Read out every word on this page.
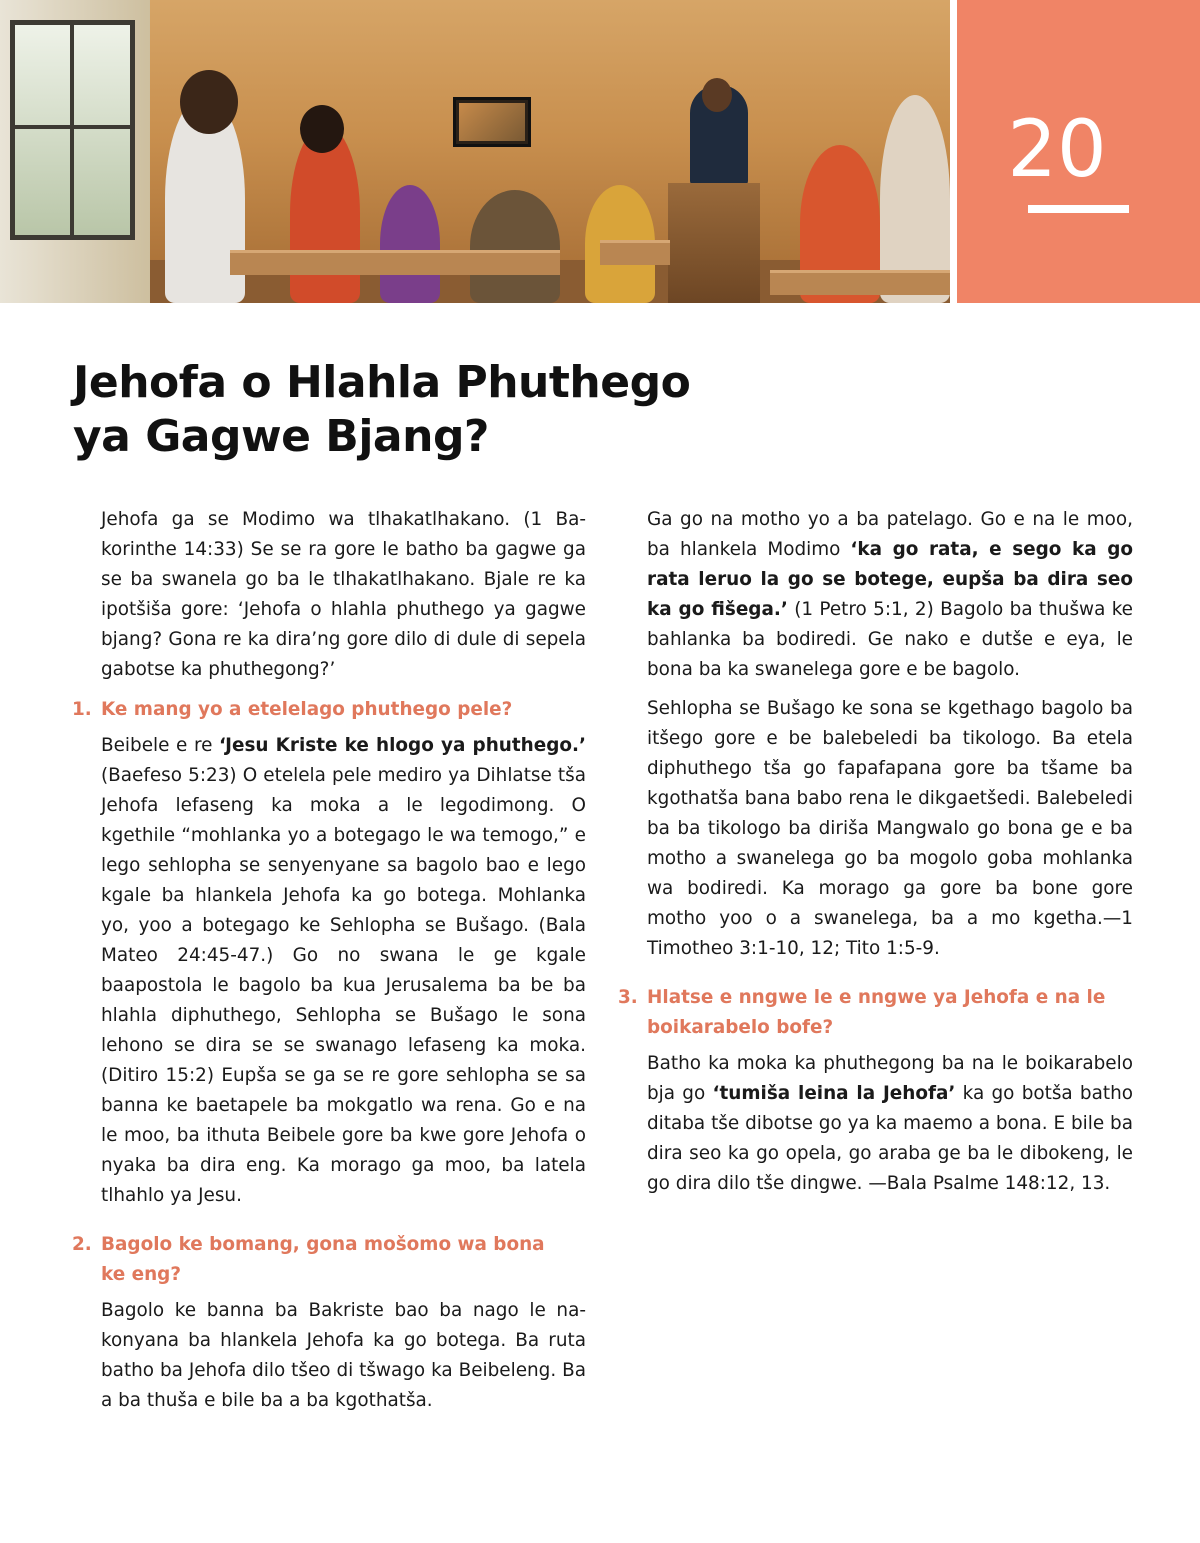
20
Jehofa o Hlahla Phuthego
ya Gagwe Bjang?

Jehofa ga se Modimo wa tlhakatlhakano. (1 Bakorinthe 14:33) Se se ra gore le batho ba gagwe ga se ba swanela go ba le tlhakatlhakano. Bjale re ka ipotšiša gore: ‘Jehofa o hlahla phuthego ya gagwe bjang? Gona re ka dira’ng gore dilo di dule di sepela gabotse ka phuthegong?’

1. Ke mang yo a etelelago phuthego pele?

Beibele e re ‘Jesu Kriste ke hlogo ya phuthego.’ (Baefeso 5:23) O etelela pele mediro ya Dihlatse tša Jehofa lefaseng ka moka a le legodimong. O kgethile “mohlanka yo a botegago le wa temogo,” e lego sehlopha se senyenyane sa bagolo bao e lego kgale ba hlankela Jehofa ka go botega. Mohlanka yo, yoo a botegago ke Sehlopha se Bušago. (Bala Mateo 24:45-47.) Go no swana le ge kgale baapostola le bagolo ba kua Jerusalema ba be ba hlahla diphuthego, Sehlopha se Bušago le sona lehono se dira se se swanago lefaseng ka moka. (Ditiro 15:2) Eupša se ga se re gore sehlopha se sa banna ke baetapele ba mokgatlo wa rena. Go e na le moo, ba ithuta Beibele gore ba kwe gore Jehofa o nyaka ba dira eng. Ka morago ga moo, ba latela tlhahlo ya Jesu.

2. Bagolo ke bomang, gona mošomo wa bona ke eng?

Bagolo ke banna ba Bakriste bao ba nago le nakonyana ba hlankela Jehofa ka go botega. Ba ruta batho ba Jehofa dilo tšeo di tšwago ka Beibeleng. Ba a ba thuša e bile ba a ba kgothatša.

Ga go na motho yo a ba patelago. Go e na le moo, ba hlankela Modimo ‘ka go rata, e sego ka go rata leruo la go se botege, eupša ba dira seo ka go fišega.’ (1 Petro 5:1, 2) Bagolo ba thušwa ke bahlanka ba bodiredi. Ge nako e dutše e eya, le bona ba ka swanelega gore e be bagolo.

Sehlopha se Bušago ke sona se kgethago bagolo ba itšego gore e be balebeledi ba tikologo. Ba etela diphuthego tša go fapafapana gore ba tšame ba kgothatša bana babo rena le dikgaetšedi. Balebeledi ba ba tikologo ba diriša Mangwalo go bona ge e ba motho a swanelega go ba mogolo goba mohlanka wa bodiredi. Ka morago ga gore ba bone gore motho yoo o a swanelega, ba a mo kgetha.—1 Timotheo 3:1-10, 12; Tito 1:5-9.

3. Hlatse e nngwe le e nngwe ya Jehofa e na le boikarabelo bofe?

Batho ka moka ka phuthegong ba na le boikarabelo bja go ‘tumiša leina la Jehofa’ ka go botša batho ditaba tše dibotse go ya ka maemo a bona. E bile ba dira seo ka go opela, go araba ge ba le dibokeng, le go dira dilo tše dingwe. —Bala Psalme 148:12, 13.
